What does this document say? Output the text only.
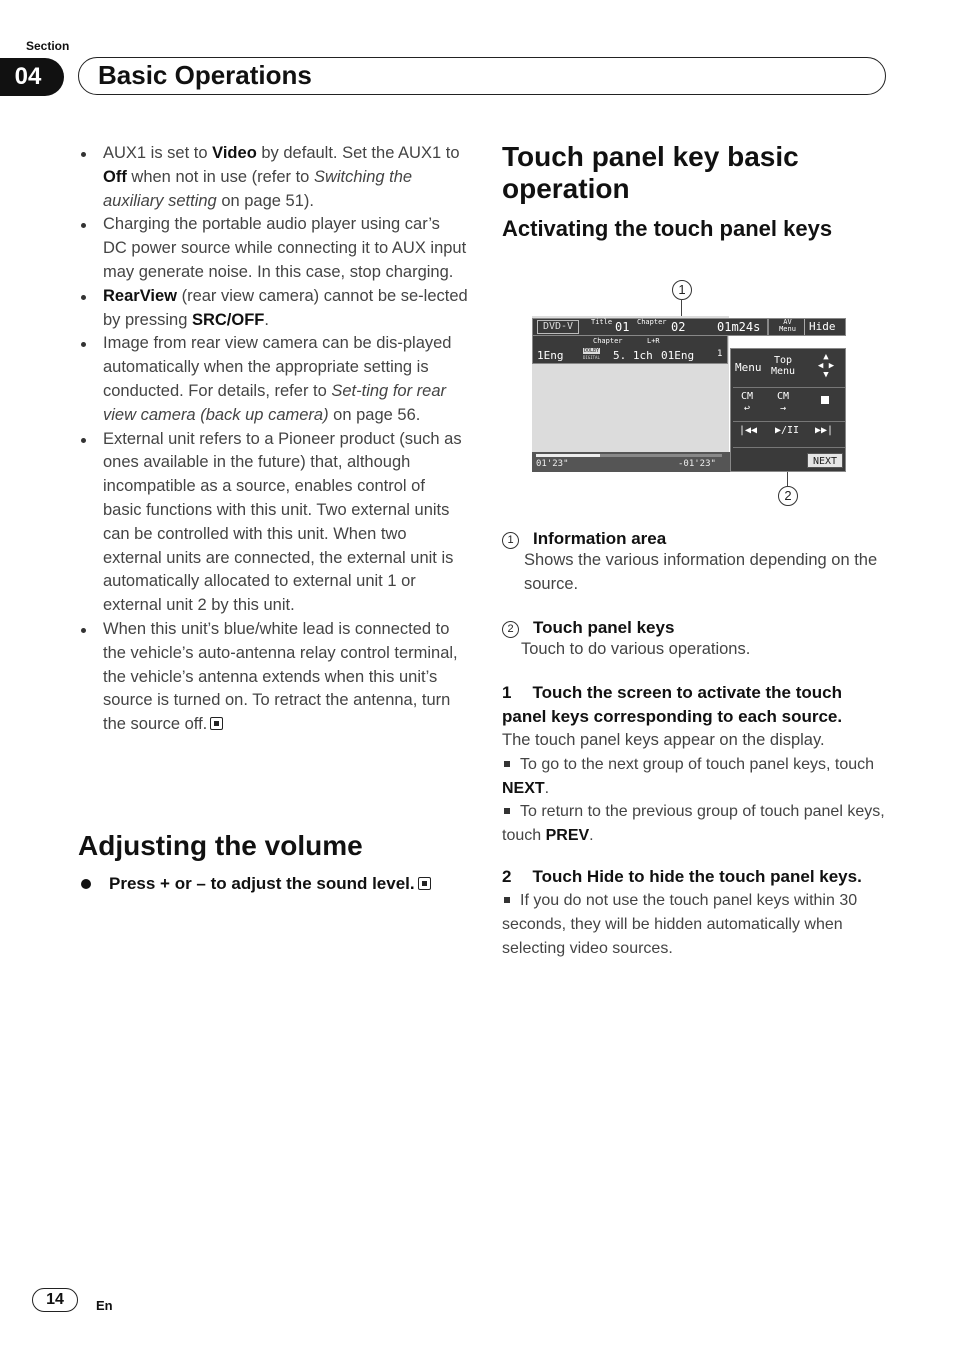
Section
04	Basic Operations
AUX1 is set to Video by default. Set the AUX1 to Off when not in use (refer to Switching the auxiliary setting on page 51).
Charging the portable audio player using car’s DC power source while connecting it to AUX input may generate noise. In this case, stop charging.
RearView (rear view camera) cannot be se-lected by pressing SRC/OFF.
Image from rear view camera can be dis-played automatically when the appropriate setting is conducted. For details, refer to Set-ting for rear view camera (back up camera) on page 56.
External unit refers to a Pioneer product (such as ones available in the future) that, although incompatible as a source, enables control of basic functions with this unit. Two external units can be controlled with this unit. When two external units are connected, the external unit is automatically allocated to external unit 1 or external unit 2 by this unit.
When this unit’s blue/white lead is connected to the vehicle’s auto-antenna relay control terminal, the vehicle’s antenna extends when this unit’s source is turned on. To retract the antenna, turn the source off.
Adjusting the volume
Press + or – to adjust the sound level.
Touch panel key basic operation
Activating the touch panel keys
1
2
DVD-V	Title 01 Chapter 02	01m24s
Chapter	L+R
1Eng	DOLBY
DIGITAL 5. 1ch 01Eng	1
AV
Menu	Hide
Menu
Top
Menu
▲
◀ ▶
▼
CM
↩
CM
→
|◀◀ ▶/II ▶▶|
NEXT
01'23"	-01'23"
1 Information area
Shows the various information depending on the source.
2 Touch panel keys
Touch to do various operations.
1 Touch the screen to activate the touch panel keys corresponding to each source.
The touch panel keys appear on the display.
To go to the next group of touch panel keys, touch NEXT.
To return to the previous group of touch panel keys, touch PREV.
2 Touch Hide to hide the touch panel keys.
If you do not use the touch panel keys within 30 seconds, they will be hidden automatically when selecting video sources.
14	En
